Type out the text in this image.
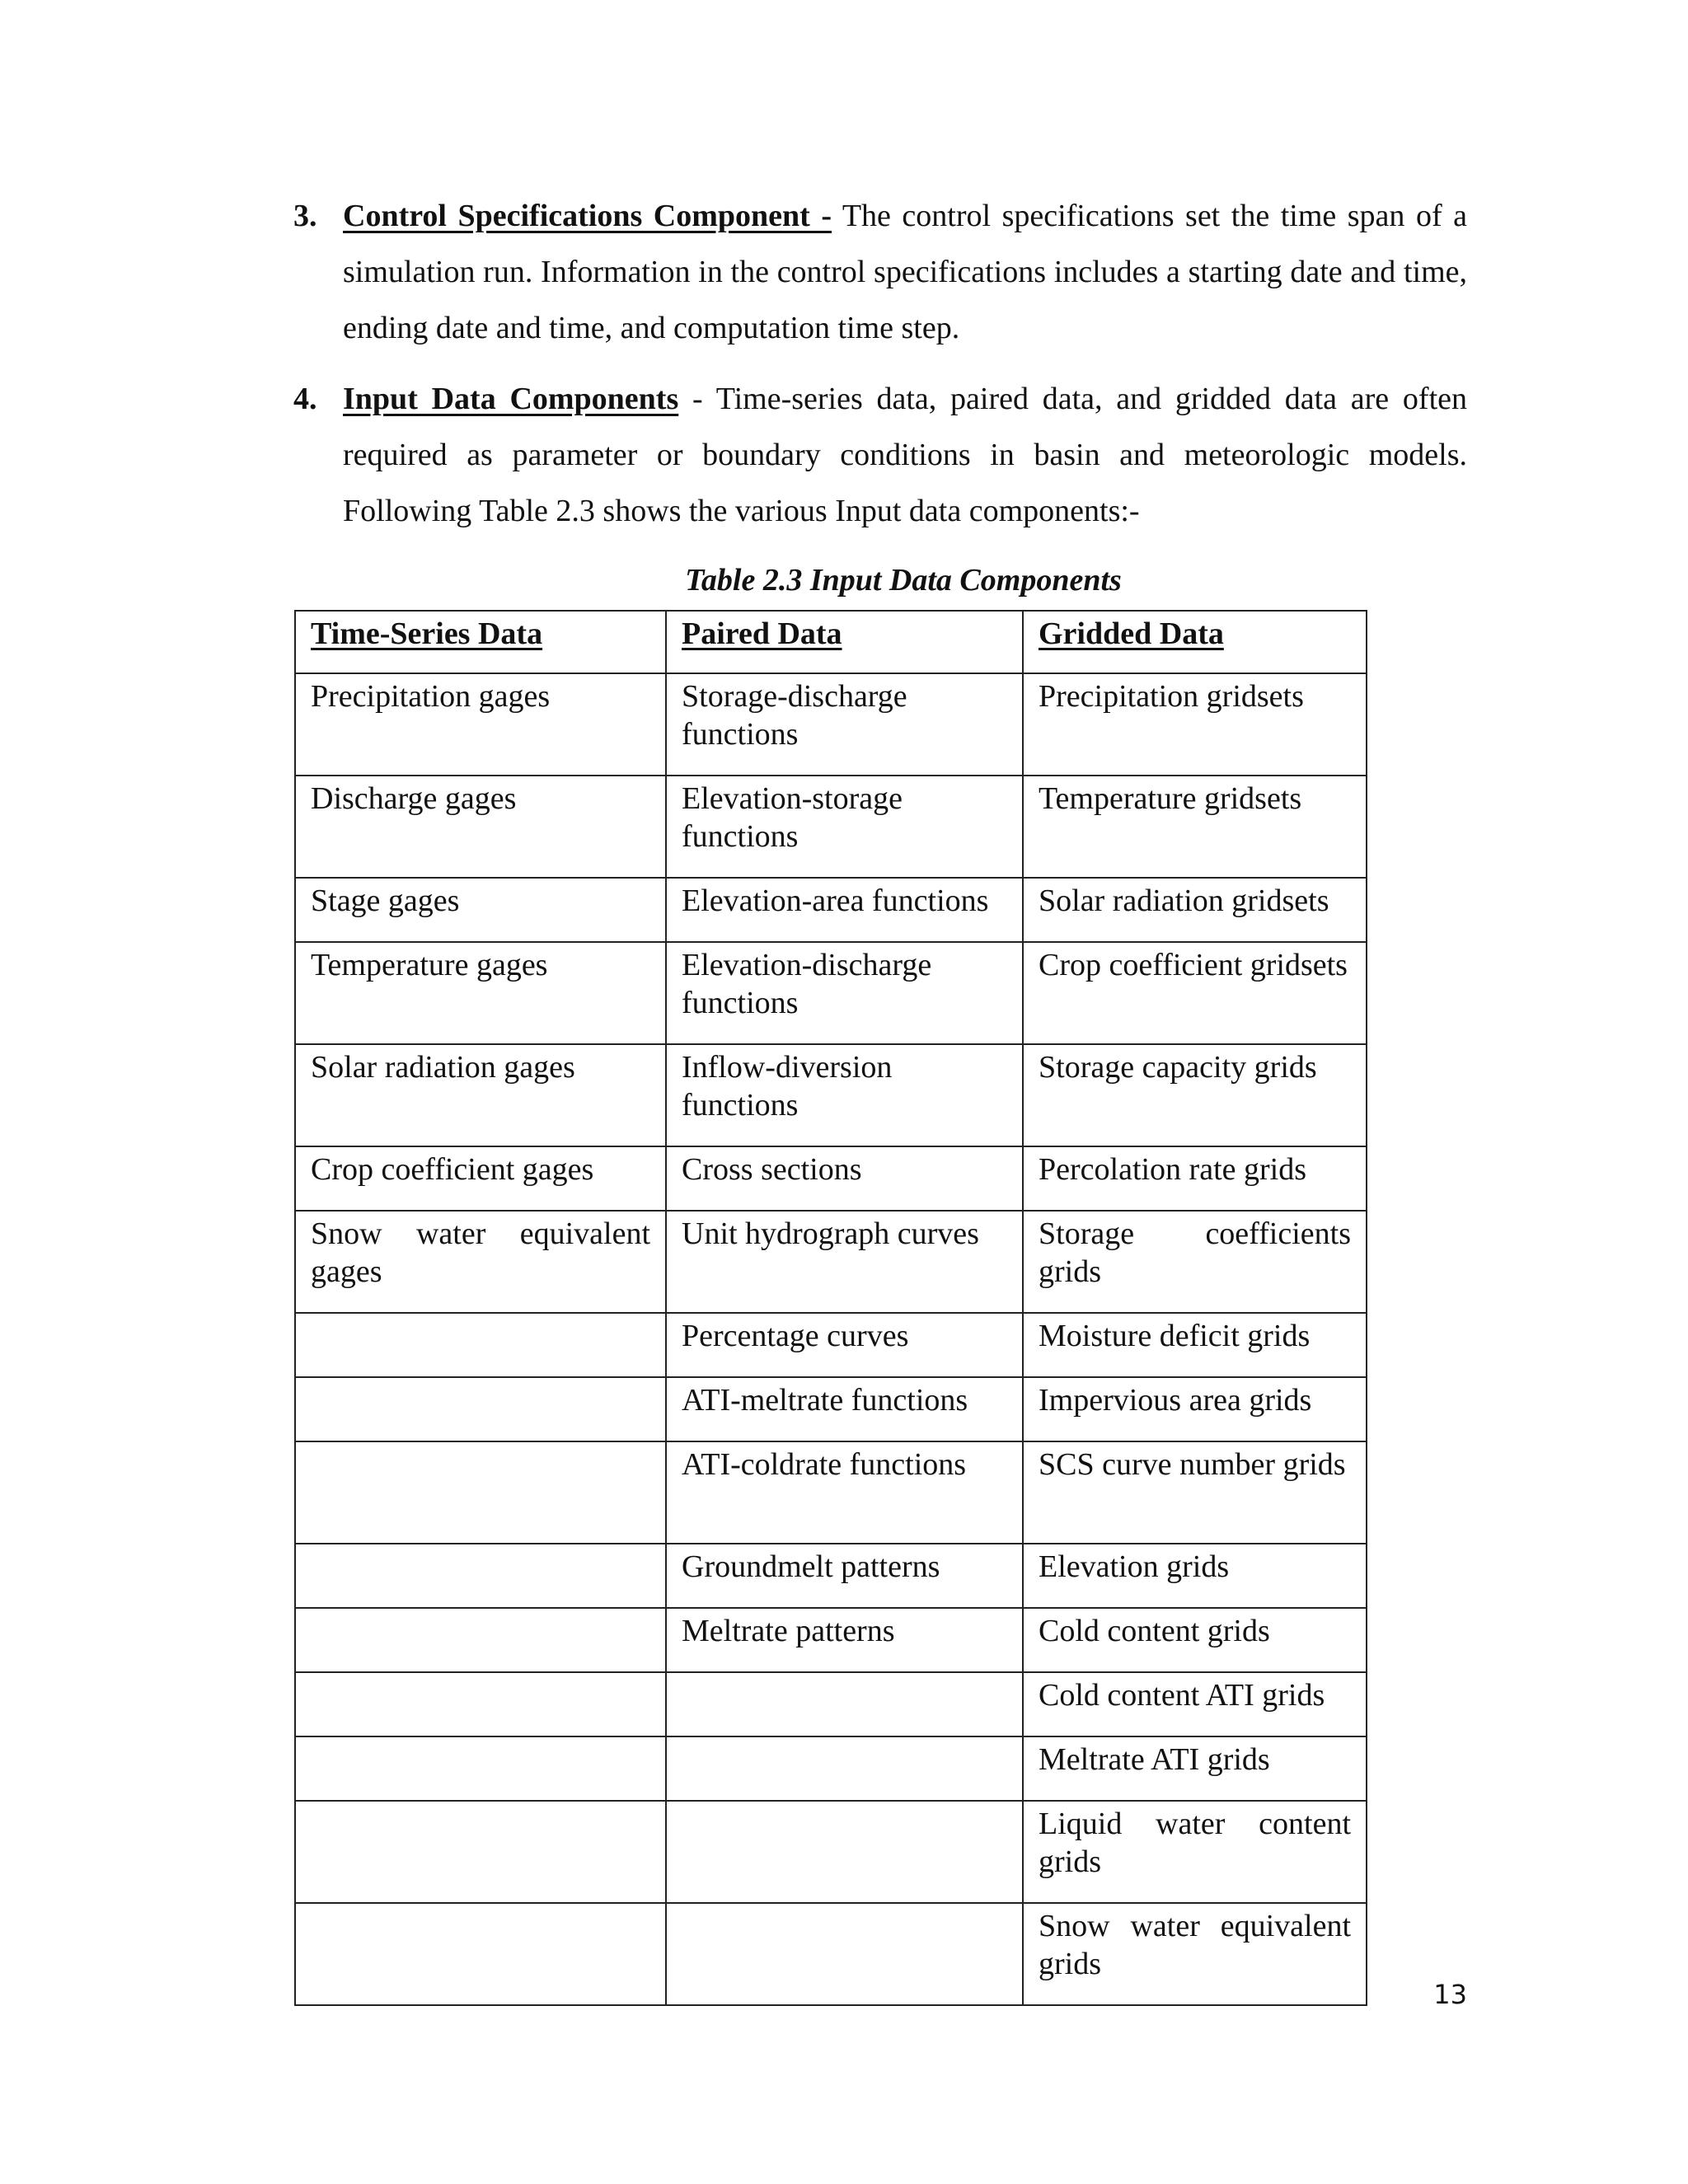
3. Control Specifications Component - The control specifications set the time span of a simulation run. Information in the control specifications includes a starting date and time, ending date and time, and computation time step.
4. Input Data Components - Time-series data, paired data, and gridded data are often required as parameter or boundary conditions in basin and meteorologic models. Following Table 2.3 shows the various Input data components:-
Table 2.3 Input Data Components
Time-Series Data	Paired Data	Gridded Data
Precipitation gages	Storage-discharge functions	Precipitation gridsets
Discharge gages	Elevation-storage functions	Temperature gridsets
Stage gages	Elevation-area functions	Solar radiation gridsets
Temperature gages	Elevation-discharge functions	Crop coefficient gridsets
Solar radiation gages	Inflow-diversion functions	Storage capacity grids
Crop coefficient gages	Cross sections	Percolation rate grids
Snow water equivalent gages	Unit hydrograph curves	Storage coefficients grids
	Percentage curves	Moisture deficit grids
	ATI-meltrate functions	Impervious area grids
	ATI-coldrate functions	SCS curve number grids
	Groundmelt patterns	Elevation grids
	Meltrate patterns	Cold content grids
		Cold content ATI grids
		Meltrate ATI grids
		Liquid water content grids
		Snow water equivalent grids
13
